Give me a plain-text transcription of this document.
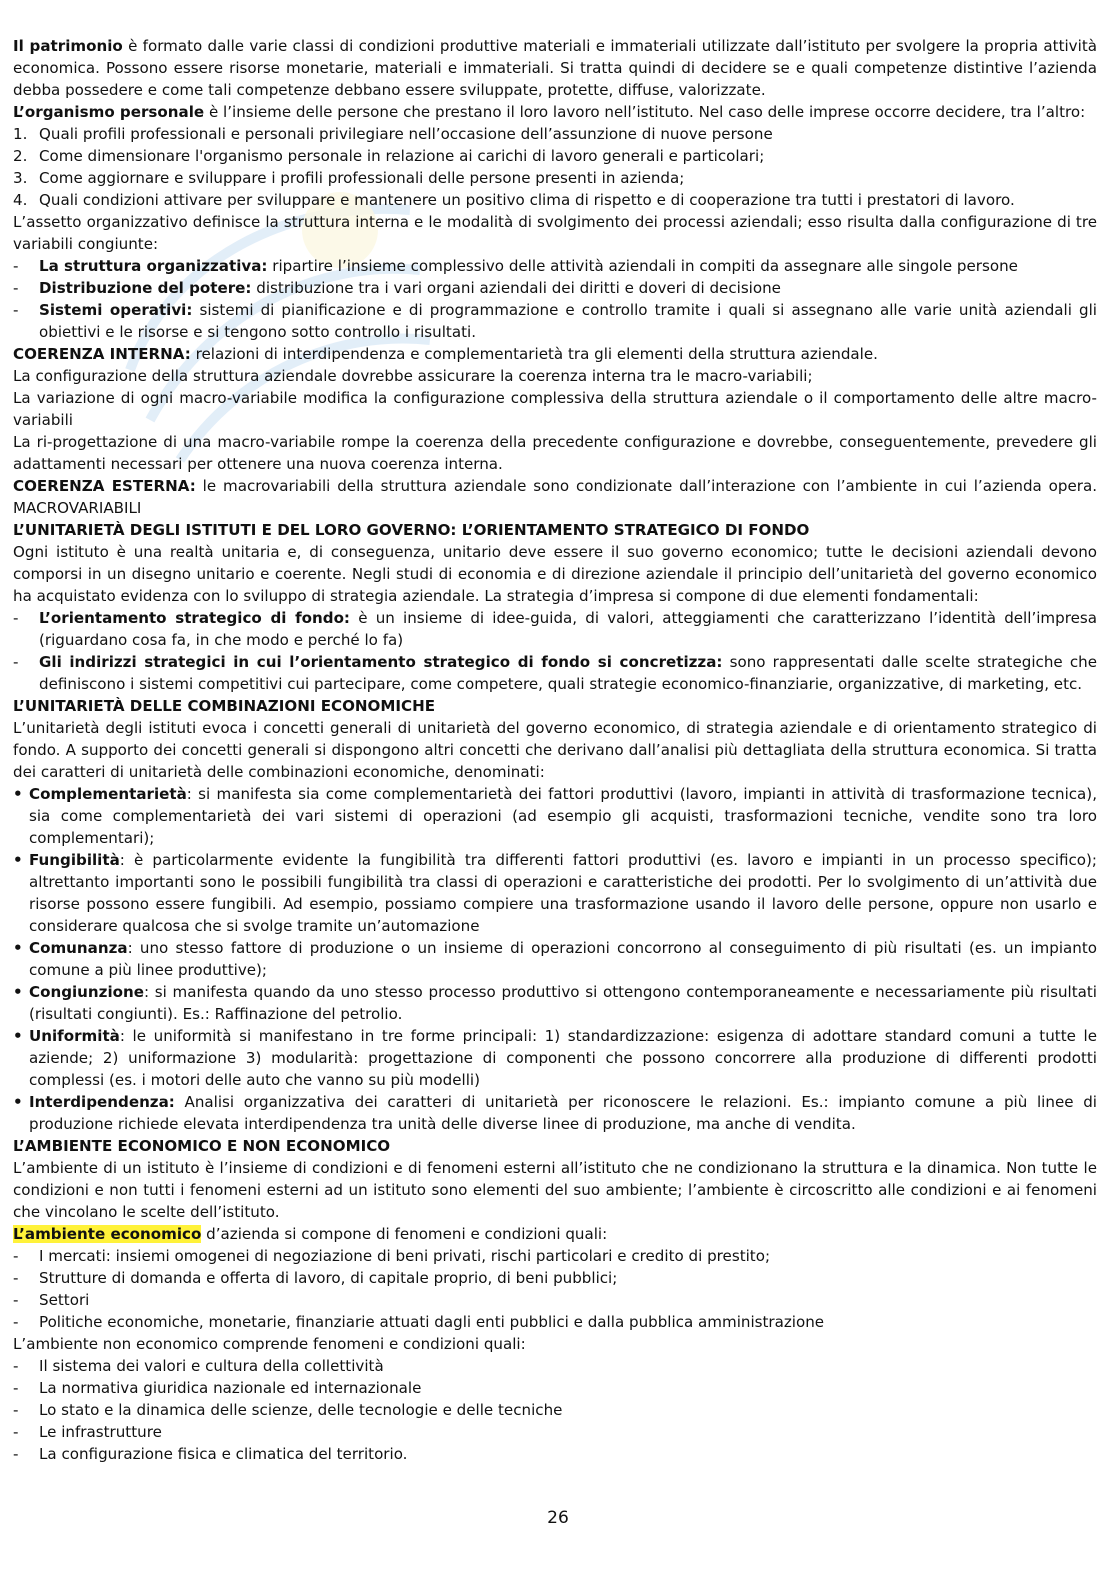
Il patrimonio è formato dalle varie classi di condizioni produttive materiali e immateriali utilizzate dall’istituto per svolgere la propria attività economica. Possono essere risorse monetarie, materiali e immateriali. Si tratta quindi di decidere se e quali competenze distintive l’azienda debba possedere e come tali competenze debbano essere sviluppate, protette, diffuse, valorizzate.
L’organismo personale è l’insieme delle persone che prestano il loro lavoro nell’istituto. Nel caso delle imprese occorre decidere, tra l’altro:
1. Quali profili professionali e personali privilegiare nell’occasione dell’assunzione di nuove persone
2. Come dimensionare l'organismo personale in relazione ai carichi di lavoro generali e particolari;
3. Come aggiornare e sviluppare i profili professionali delle persone presenti in azienda;
4. Quali condizioni attivare per sviluppare e mantenere un positivo clima di rispetto e di cooperazione tra tutti i prestatori di lavoro.
L’assetto organizzativo definisce la struttura interna e le modalità di svolgimento dei processi aziendali; esso risulta dalla configurazione di tre variabili congiunte:
-	La struttura organizzativa: ripartire l’insieme complessivo delle attività aziendali in compiti da assegnare alle singole persone
-	Distribuzione del potere: distribuzione tra i vari organi aziendali dei diritti e doveri di decisione
-	Sistemi operativi: sistemi di pianificazione e di programmazione e controllo tramite i quali si assegnano alle varie unità aziendali gli obiettivi e le risorse e si tengono sotto controllo i risultati.
COERENZA INTERNA: relazioni di interdipendenza e complementarietà tra gli elementi della struttura aziendale.
La configurazione della struttura aziendale dovrebbe assicurare la coerenza interna tra le macro-variabili;
La variazione di ogni macro-variabile modifica la configurazione complessiva della struttura aziendale o il comportamento delle altre macro-variabili
La ri-progettazione di una macro-variabile rompe la coerenza della precedente configurazione e dovrebbe, conseguentemente, prevedere gli adattamenti necessari per ottenere una nuova coerenza interna.
COERENZA ESTERNA: le macrovariabili della struttura aziendale sono condizionate dall’interazione con l’ambiente in cui l’azienda opera. MACROVARIABILI
L’UNITARIETÀ DEGLI ISTITUTI E DEL LORO GOVERNO: L’ORIENTAMENTO STRATEGICO DI FONDO
Ogni istituto è una realtà unitaria e, di conseguenza, unitario deve essere il suo governo economico; tutte le decisioni aziendali devono comporsi in un disegno unitario e coerente. Negli studi di economia e di direzione aziendale il principio dell’unitarietà del governo economico ha acquistato evidenza con lo sviluppo di strategia aziendale. La strategia d’impresa si compone di due elementi fondamentali:
-	L’orientamento strategico di fondo: è un insieme di idee-guida, di valori, atteggiamenti che caratterizzano l’identità dell’impresa (riguardano cosa fa, in che modo e perché lo fa)
-	Gli indirizzi strategici in cui l’orientamento strategico di fondo si concretizza: sono rappresentati dalle scelte strategiche che definiscono i sistemi competitivi cui partecipare, come competere, quali strategie economico-finanziarie, organizzative, di marketing, etc.
L’UNITARIETÀ DELLE COMBINAZIONI ECONOMICHE
L’unitarietà degli istituti evoca i concetti generali di unitarietà del governo economico, di strategia aziendale e di orientamento strategico di fondo. A supporto dei concetti generali si dispongono altri concetti che derivano dall’analisi più dettagliata della struttura economica. Si tratta dei caratteri di unitarietà delle combinazioni economiche, denominati:
• Complementarietà: si manifesta sia come complementarietà dei fattori produttivi (lavoro, impianti in attività di trasformazione tecnica), sia come complementarietà dei vari sistemi di operazioni (ad esempio gli acquisti, trasformazioni tecniche, vendite sono tra loro complementari);
• Fungibilità: è particolarmente evidente la fungibilità tra differenti fattori produttivi (es. lavoro e impianti in un processo specifico); altrettanto importanti sono le possibili fungibilità tra classi di operazioni e caratteristiche dei prodotti. Per lo svolgimento di un’attività due risorse possono essere fungibili. Ad esempio, possiamo compiere una trasformazione usando il lavoro delle persone, oppure non usarlo e considerare qualcosa che si svolge tramite un’automazione
• Comunanza: uno stesso fattore di produzione o un insieme di operazioni concorrono al conseguimento di più risultati (es. un impianto comune a più linee produttive);
• Congiunzione: si manifesta quando da uno stesso processo produttivo si ottengono contemporaneamente e necessariamente più risultati (risultati congiunti). Es.: Raffinazione del petrolio.
• Uniformità: le uniformità si manifestano in tre forme principali: 1) standardizzazione: esigenza di adottare standard comuni a tutte le aziende; 2) uniformazione 3) modularità: progettazione di componenti che possono concorrere alla produzione di differenti prodotti complessi (es. i motori delle auto che vanno su più modelli)
• Interdipendenza: Analisi organizzativa dei caratteri di unitarietà per riconoscere le relazioni. Es.: impianto comune a più linee di produzione richiede elevata interdipendenza tra unità delle diverse linee di produzione, ma anche di vendita.
L’AMBIENTE ECONOMICO E NON ECONOMICO
L’ambiente di un istituto è l’insieme di condizioni e di fenomeni esterni all’istituto che ne condizionano la struttura e la dinamica. Non tutte le condizioni e non tutti i fenomeni esterni ad un istituto sono elementi del suo ambiente; l’ambiente è circoscritto alle condizioni e ai fenomeni che vincolano le scelte dell’istituto.
L’ambiente economico d’azienda si compone di fenomeni e condizioni quali:
-	I mercati: insiemi omogenei di negoziazione di beni privati, rischi particolari e credito di prestito;
-	Strutture di domanda e offerta di lavoro, di capitale proprio, di beni pubblici;
-	Settori
-	Politiche economiche, monetarie, finanziarie attuati dagli enti pubblici e dalla pubblica amministrazione
L’ambiente non economico comprende fenomeni e condizioni quali:
-	Il sistema dei valori e cultura della collettività
-	La normativa giuridica nazionale ed internazionale
-	Lo stato e la dinamica delle scienze, delle tecnologie e delle tecniche
-	Le infrastrutture
-	La configurazione fisica e climatica del territorio.
26
